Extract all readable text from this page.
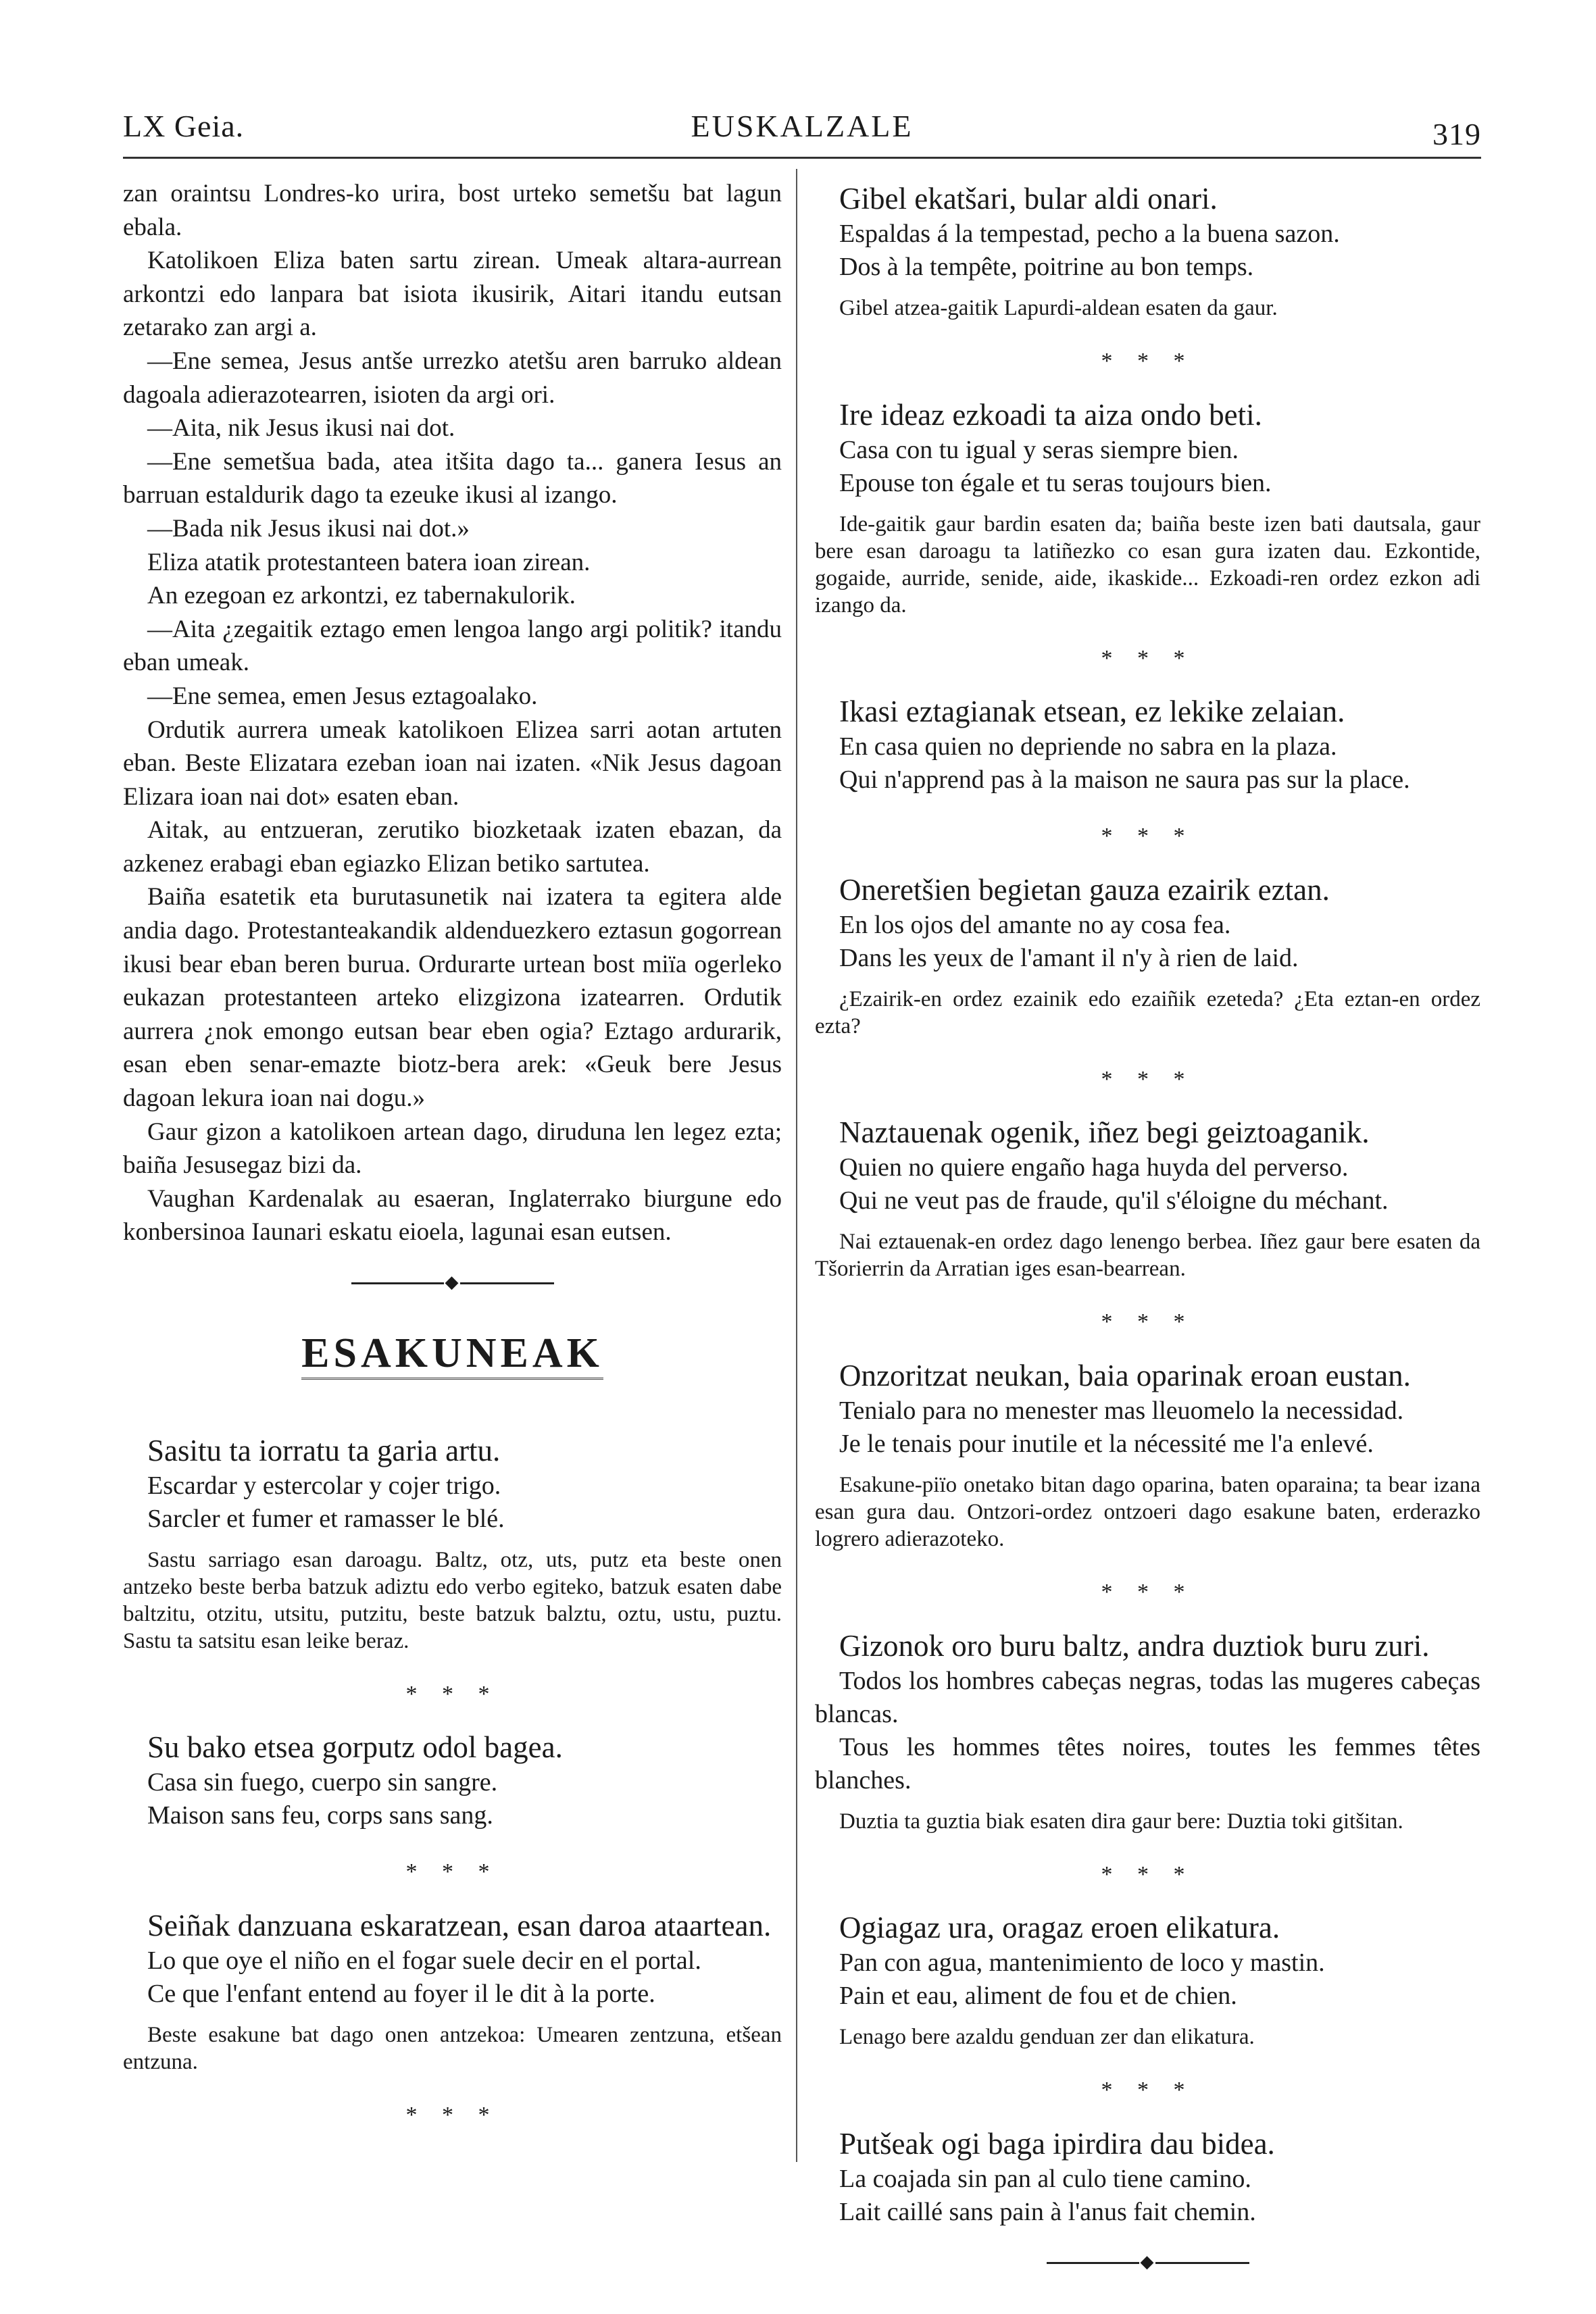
LX Geia.	EUSKALZALE	319

zan oraintsu Londres-ko urira, bost urteko semetšu bat lagun ebala.

Katolikoen Eliza baten sartu zirean. Umeak altara-aurrean arkontzi edo lanpara bat isiota ikusirik, Aitari itandu eutsan zetarako zan argi a.

—Ene semea, Jesus antše urrezko atetšu aren barruko aldean dagoala adierazotearren, isioten da argi ori.

—Aita, nik Jesus ikusi nai dot.

—Ene semetšua bada, atea itšita dago ta... ganera Iesus an barruan estaldurik dago ta ezeuke ikusi al izango.

—Bada nik Jesus ikusi nai dot.»

Eliza atatik protestanteen batera ioan zirean.

An ezegoan ez arkontzi, ez tabernakulorik.

—Aita ¿zegaitik eztago emen lengoa lango argi politik? itandu eban umeak.

—Ene semea, emen Jesus eztagoalako.

Ordutik aurrera umeak katolikoen Elizea sarri aotan artuten eban. Beste Elizatara ezeban ioan nai izaten. «Nik Jesus dagoan Elizara ioan nai dot» esaten eban.

Aitak, au entzueran, zerutiko biozketaak izaten ebazan, da azkenez erabagi eban egiazko Elizan betiko sartutea.

Baiña esatetik eta burutasunetik nai izatera ta egitera alde andia dago. Protestanteakandik aldenduezkero eztasun gogorrean ikusi bear eban beren burua. Ordurarte urtean bost miïa ogerleko eukazan protestanteen arteko elizgizona izatearren. Ordutik aurrera ¿nok emongo eutsan bear eben ogia? Eztago ardurarik, esan eben senar-emazte biotz-bera arek: «Geuk bere Jesus dagoan lekura ioan nai dogu.»

Gaur gizon a katolikoen artean dago, diruduna len legez ezta; baiña Jesusegaz bizi da.

Vaughan Kardenalak au esaeran, Inglaterrako biurgune edo konbersinoa Iaunari eskatu eioela, lagunai esan eutsen.

◆
ESAKUNEAK

Sasitu ta iorratu ta garia artu.

Escardar y estercolar y cojer trigo.

Sarcler et fumer et ramasser le blé.

Sastu sarriago esan daroagu. Baltz, otz, uts, putz eta beste onen antzeko beste berba batzuk adiztu edo verbo egiteko, batzuk esaten dabe baltzitu, otzitu, utsitu, putzitu, beste batzuk balztu, oztu, ustu, puztu. Sastu ta satsitu esan leike beraz.

* * *

Su bako etsea gorputz odol bagea.

Casa sin fuego, cuerpo sin sangre.

Maison sans feu, corps sans sang.

* * *

Seiñak danzuana eskaratzean, esan daroa ataartean.

Lo que oye el niño en el fogar suele decir en el portal.

Ce que l'enfant entend au foyer il le dit à la porte.

Beste esakune bat dago onen antzekoa: Umearen zentzuna, etšean entzuna.

* * *

Gibel ekatšari, bular aldi onari.

Espaldas á la tempestad, pecho a la buena sazon.

Dos à la tempête, poitrine au bon temps.

Gibel atzea-gaitik Lapurdi-aldean esaten da gaur.

* * *

Ire ideaz ezkoadi ta aiza ondo beti.

Casa con tu igual y seras siempre bien.

Epouse ton égale et tu seras toujours bien.

Ide-gaitik gaur bardin esaten da; baiña beste izen bati dautsala, gaur bere esan daroagu ta latiñezko co esan gura izaten dau. Ezkontide, gogaide, aurride, senide, aide, ikaskide... Ezkoadi-ren ordez ezkon adi izango da.

* * *

Ikasi eztagianak etsean, ez lekike zelaian.

En casa quien no depriende no sabra en la plaza.

Qui n'apprend pas à la maison ne saura pas sur la place.

* * *

Oneretšien begietan gauza ezairik eztan.

En los ojos del amante no ay cosa fea.

Dans les yeux de l'amant il n'y à rien de laid.

¿Ezairik-en ordez ezainik edo ezaiñik ezeteda? ¿Eta eztan-en ordez ezta?

* * *

Naztauenak ogenik, iñez begi geiztoaganik.

Quien no quiere engaño haga huyda del perverso.

Qui ne veut pas de fraude, qu'il s'éloigne du méchant.

Nai eztauenak-en ordez dago lenengo berbea. Iñez gaur bere esaten da Tšorierrin da Arratian iges esan-bearrean.

* * *

Onzoritzat neukan, baia oparinak eroan eustan.

Tenialo para no menester mas lleuomelo la necessidad.

Je le tenais pour inutile et la nécessité me l'a enlevé.

Esakune-piïo onetako bitan dago oparina, baten oparaina; ta bear izana esan gura dau. Ontzori-ordez ontzoeri dago esakune baten, erderazko logrero adierazoteko.

* * *

Gizonok oro buru baltz, andra duztiok buru zuri.

Todos los hombres cabeças negras, todas las mugeres cabeças blancas.

Tous les hommes têtes noires, toutes les femmes têtes blanches.

Duztia ta guztia biak esaten dira gaur bere: Duztia toki gitšitan.

* * *

Ogiagaz ura, oragaz eroen elikatura.

Pan con agua, mantenimiento de loco y mastin.

Pain et eau, aliment de fou et de chien.

Lenago bere azaldu genduan zer dan elikatura.

* * *

Putšeak ogi baga ipirdira dau bidea.

La coajada sin pan al culo tiene camino.

Lait caillé sans pain à l'anus fait chemin.

◆
